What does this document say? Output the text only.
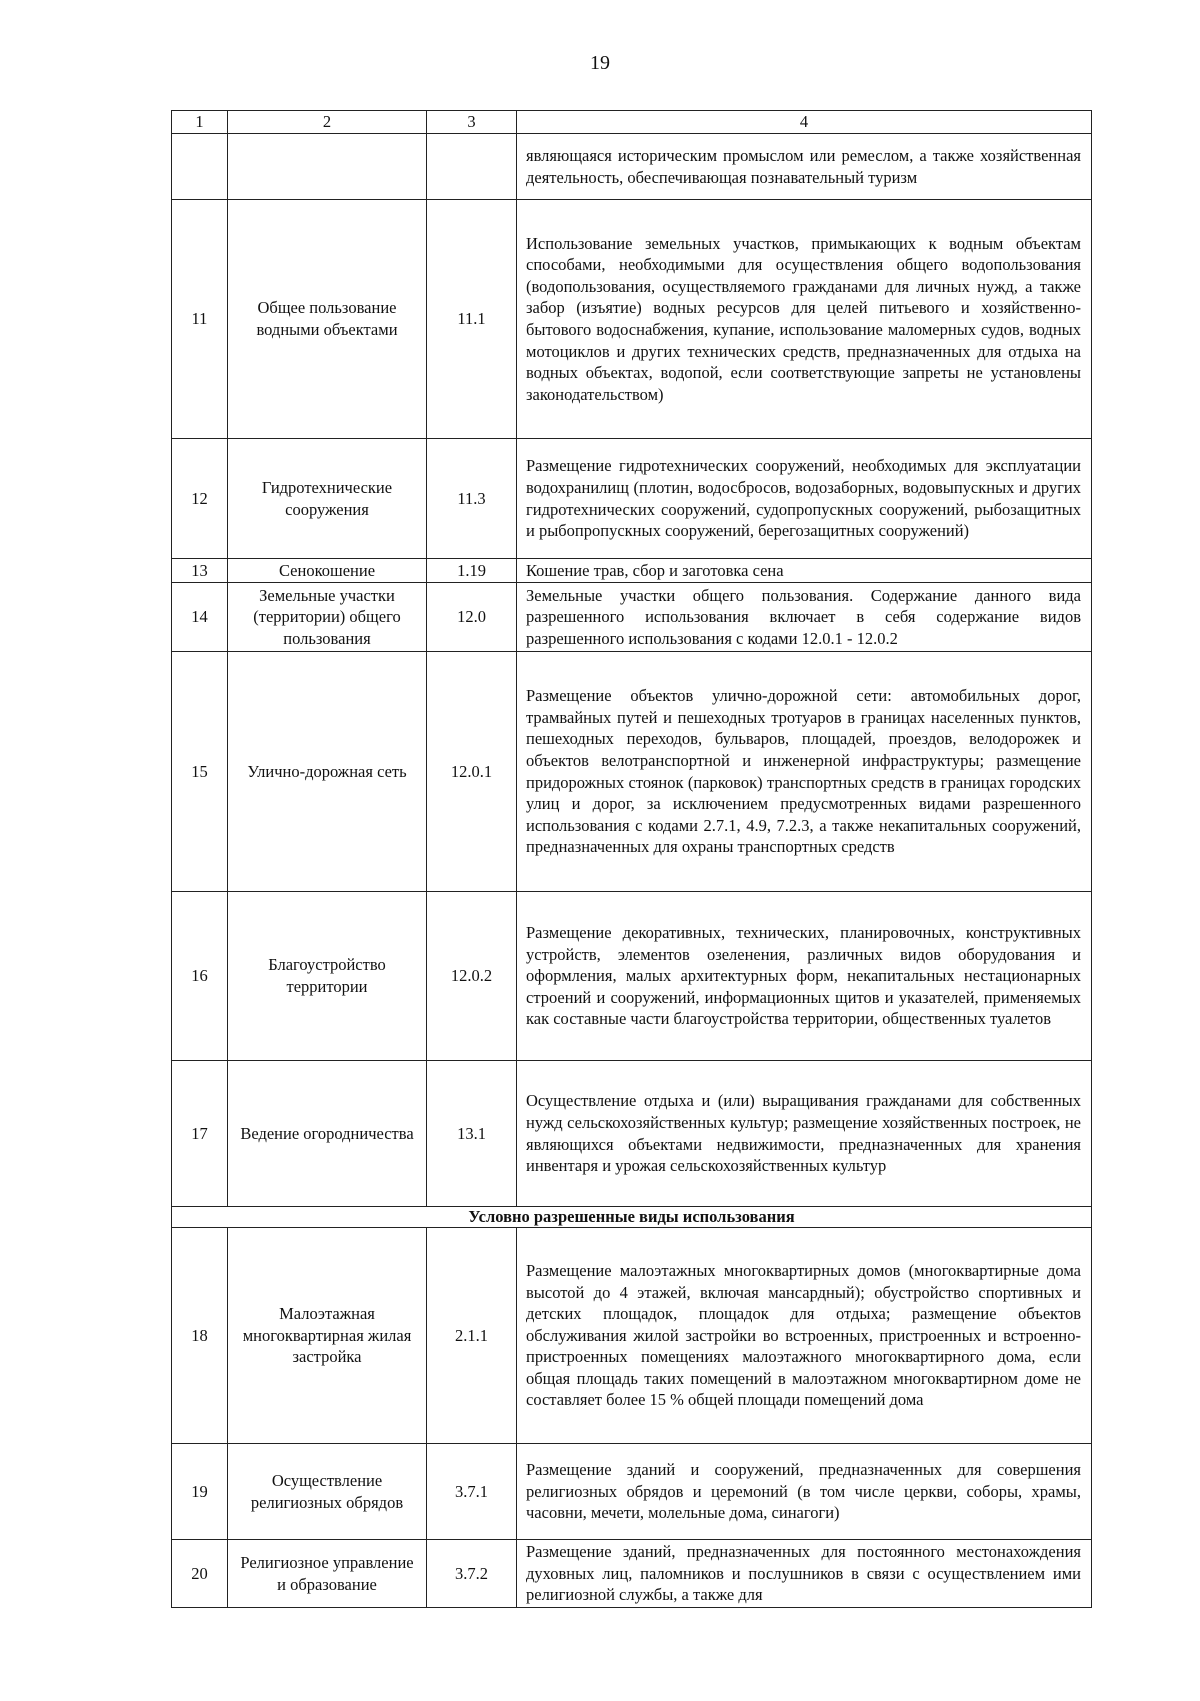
19
1	2	3	4
			являющаяся историческим промыслом или ремеслом, а также хозяйственная деятельность, обеспечивающая познавательный туризм
11	Общее пользование водными объектами	11.1	Использование земельных участков, примыкающих к водным объектам способами, необходимыми для осуществления общего водопользования (водопользования, осуществляемого гражданами для личных нужд, а также забор (изъятие) водных ресурсов для целей питьевого и хозяйственно-бытового водоснабжения, купание, использование маломерных судов, водных мотоциклов и других технических средств, предназначенных для отдыха на водных объектах, водопой, если соответствующие запреты не установлены законодательством)
12	Гидротехнические сооружения	11.3	Размещение гидротехнических сооружений, необходимых для эксплуатации водохранилищ (плотин, водосбросов, водозаборных, водовыпускных и других гидротехнических сооружений, судопропускных сооружений, рыбозащитных и рыбопропускных сооружений, берегозащитных сооружений)
13	Сенокошение	1.19	Кошение трав, сбор и заготовка сена
14	Земельные участки (территории) общего пользования	12.0	Земельные участки общего пользования. Содержание данного вида разрешенного использования включает в себя содержание видов разрешенного использования с кодами 12.0.1 - 12.0.2
15	Улично-дорожная сеть	12.0.1	Размещение объектов улично-дорожной сети: автомобильных дорог, трамвайных путей и пешеходных тротуаров в границах населенных пунктов, пешеходных переходов, бульваров, площадей, проездов, велодорожек и объектов велотранспортной и инженерной инфраструктуры; размещение придорожных стоянок (парковок) транспортных средств в границах городских улиц и дорог, за исключением предусмотренных видами разрешенного использования с кодами 2.7.1, 4.9, 7.2.3, а также некапитальных сооружений, предназначенных для охраны транспортных средств
16	Благоустройство территории	12.0.2	Размещение декоративных, технических, планировочных, конструктивных устройств, элементов озеленения, различных видов оборудования и оформления, малых архитектурных форм, некапитальных нестационарных строений и сооружений, информационных щитов и указателей, применяемых как составные части благоустройства территории, общественных туалетов
17	Ведение огородничества	13.1	Осуществление отдыха и (или) выращивания гражданами для собственных нужд сельскохозяйственных культур; размещение хозяйственных построек, не являющихся объектами недвижимости, предназначенных для хранения инвентаря и урожая сельскохозяйственных культур
Условно разрешенные виды использования			
18	Малоэтажная многоквартирная жилая застройка	2.1.1	Размещение малоэтажных многоквартирных домов (многоквартирные дома высотой до 4 этажей, включая мансардный); обустройство спортивных и детских площадок, площадок для отдыха; размещение объектов обслуживания жилой застройки во встроенных, пристроенных и встроенно-пристроенных помещениях малоэтажного многоквартирного дома, если общая площадь таких помещений в малоэтажном многоквартирном доме не составляет более 15 % общей площади помещений дома
19	Осуществление религиозных обрядов	3.7.1	Размещение зданий и сооружений, предназначенных для совершения религиозных обрядов и церемоний (в том числе церкви, соборы, храмы, часовни, мечети, молельные дома, синагоги)
20	Религиозное управление и образование	3.7.2	Размещение зданий, предназначенных для постоянного местонахождения духовных лиц, паломников и послушников в связи с осуществлением ими религиозной службы, а также для
